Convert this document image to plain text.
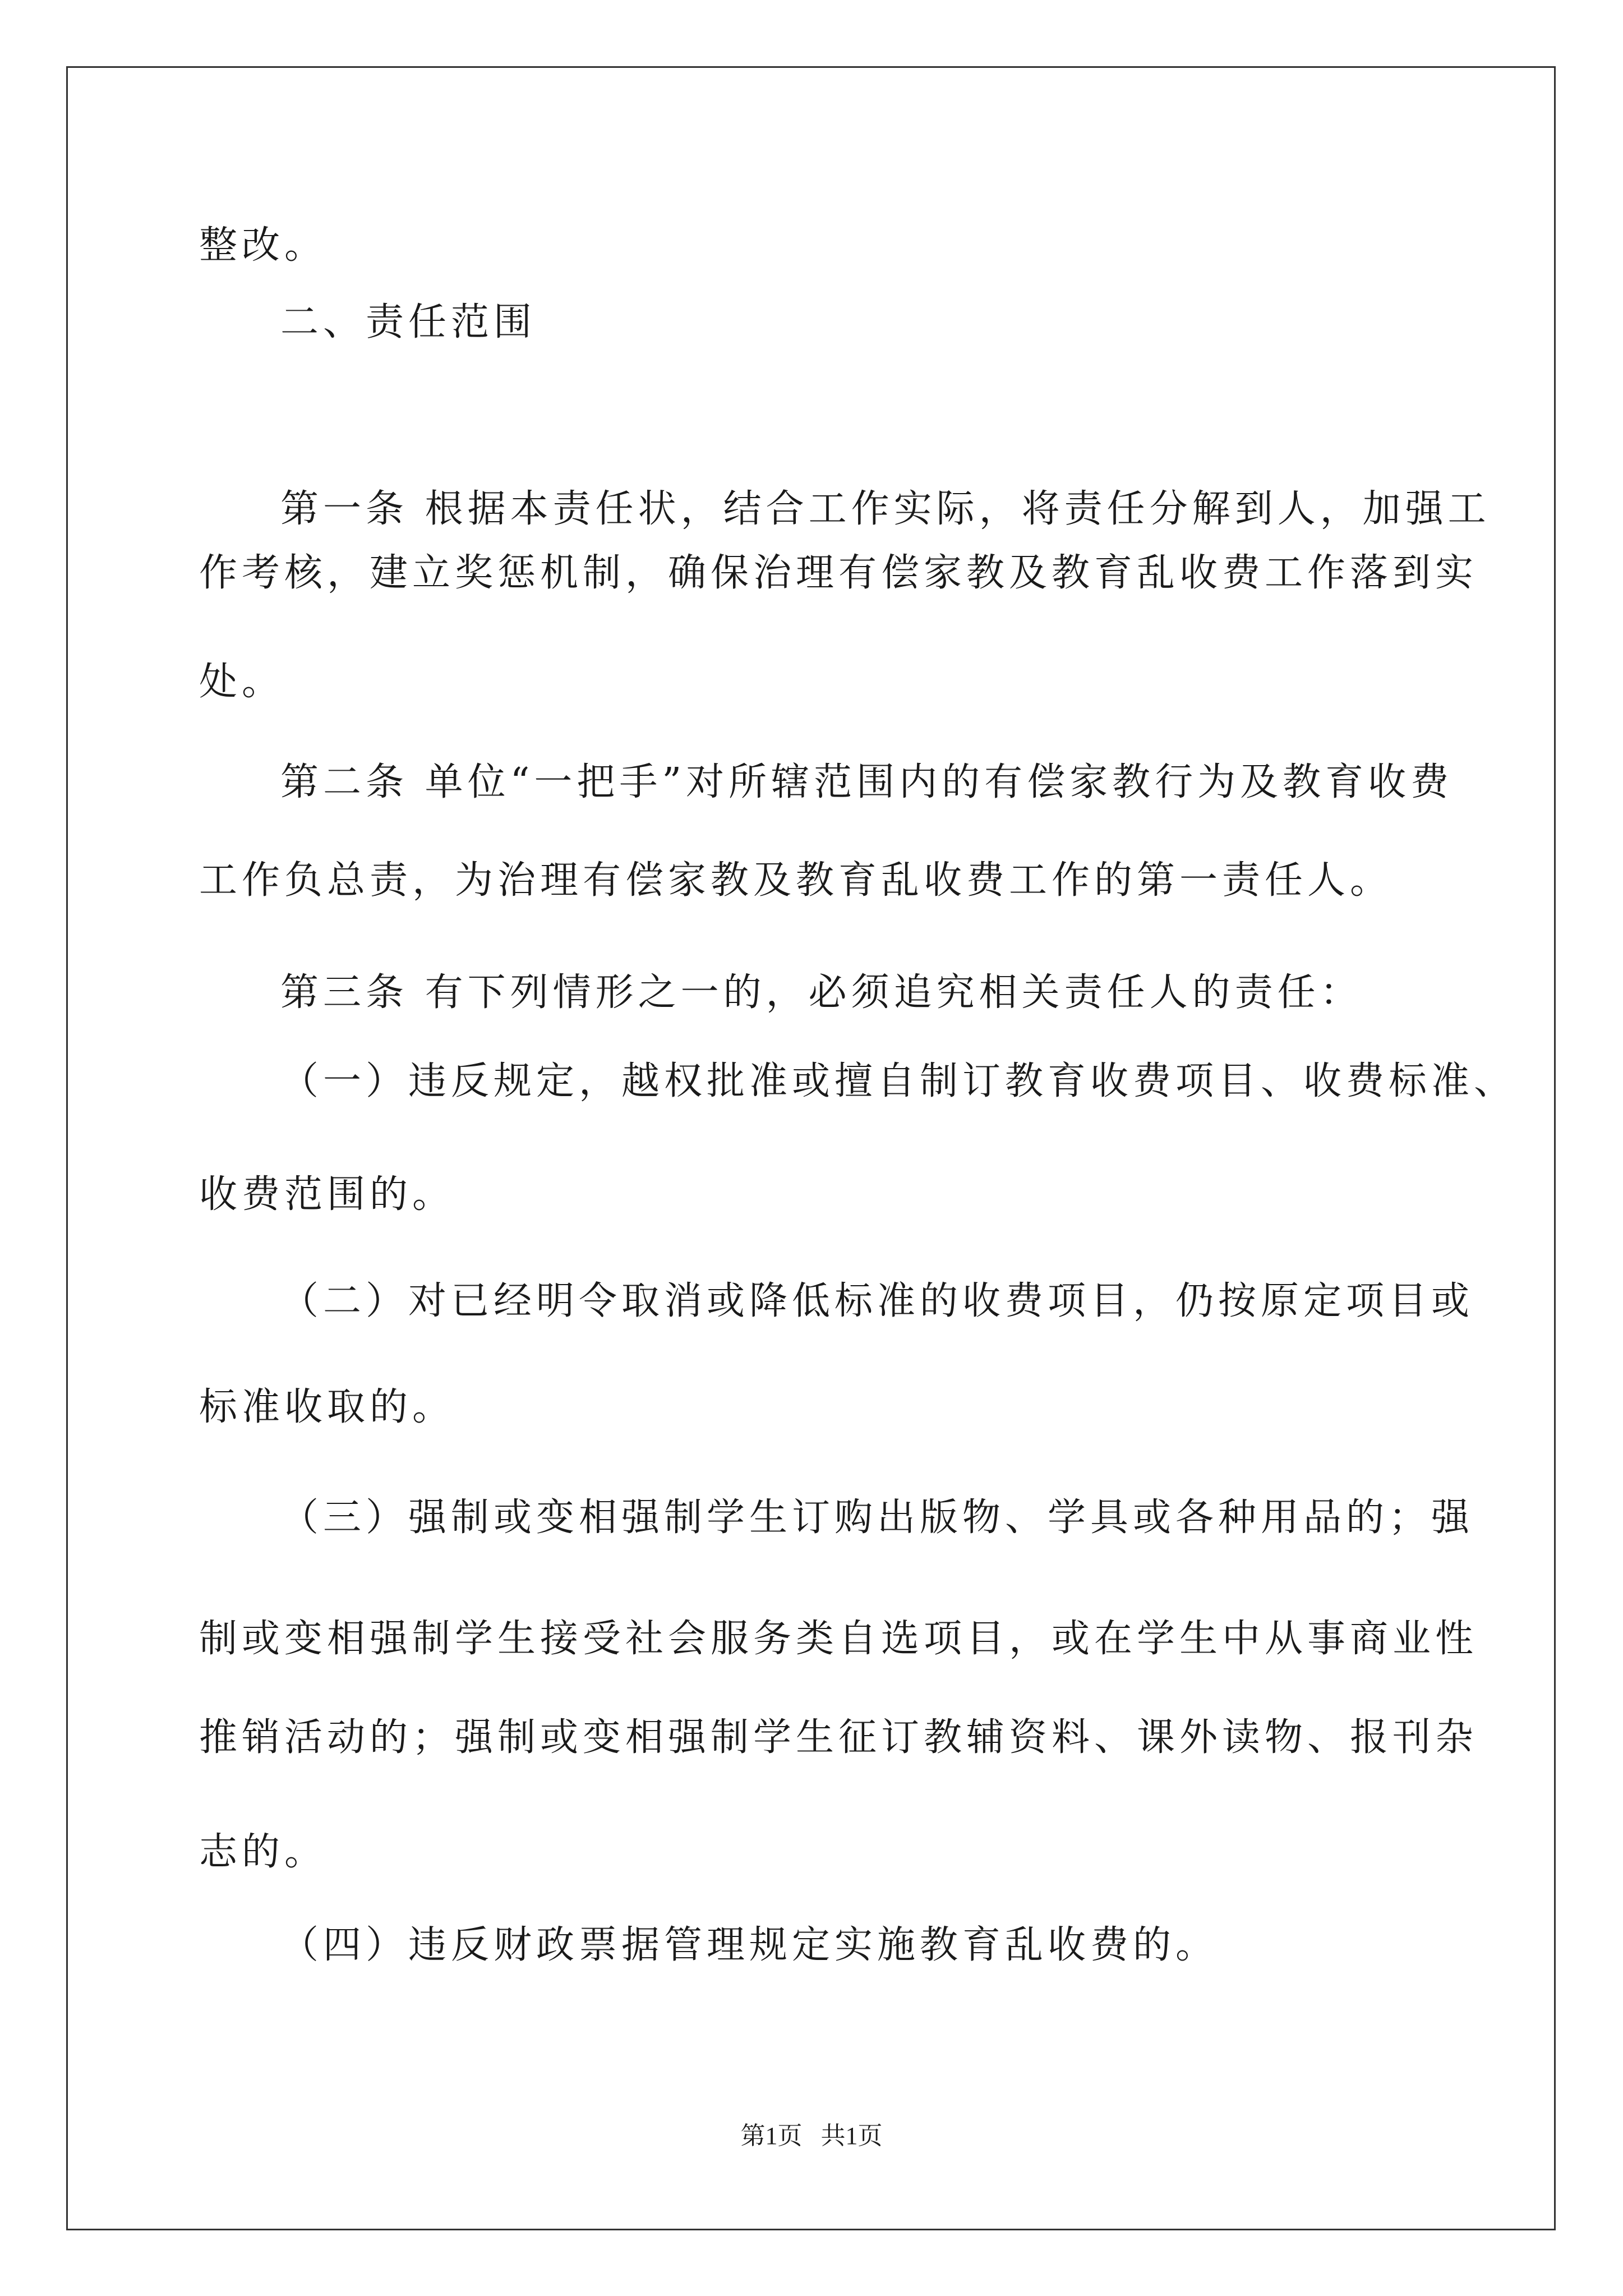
整改。
二、责任范围
第一条 根据本责任状，结合工作实际，将责任分解到人，加强工
作考核，建立奖惩机制，确保治理有偿家教及教育乱收费工作落到实
处。
第二条 单位“一把手”对所辖范围内的有偿家教行为及教育收费
工作负总责，为治理有偿家教及教育乱收费工作的第一责任人。
第三条 有下列情形之一的，必须追究相关责任人的责任：
（一）违反规定，越权批准或擅自制订教育收费项目、收费标准、
收费范围的。
（二）对已经明令取消或降低标准的收费项目，仍按原定项目或
标准收取的。
（三）强制或变相强制学生订购出版物、学具或各种用品的；强
制或变相强制学生接受社会服务类自选项目，或在学生中从事商业性
推销活动的；强制或变相强制学生征订教辅资料、课外读物、报刊杂
志的。
（四）违反财政票据管理规定实施教育乱收费的。
第1页   共1页
